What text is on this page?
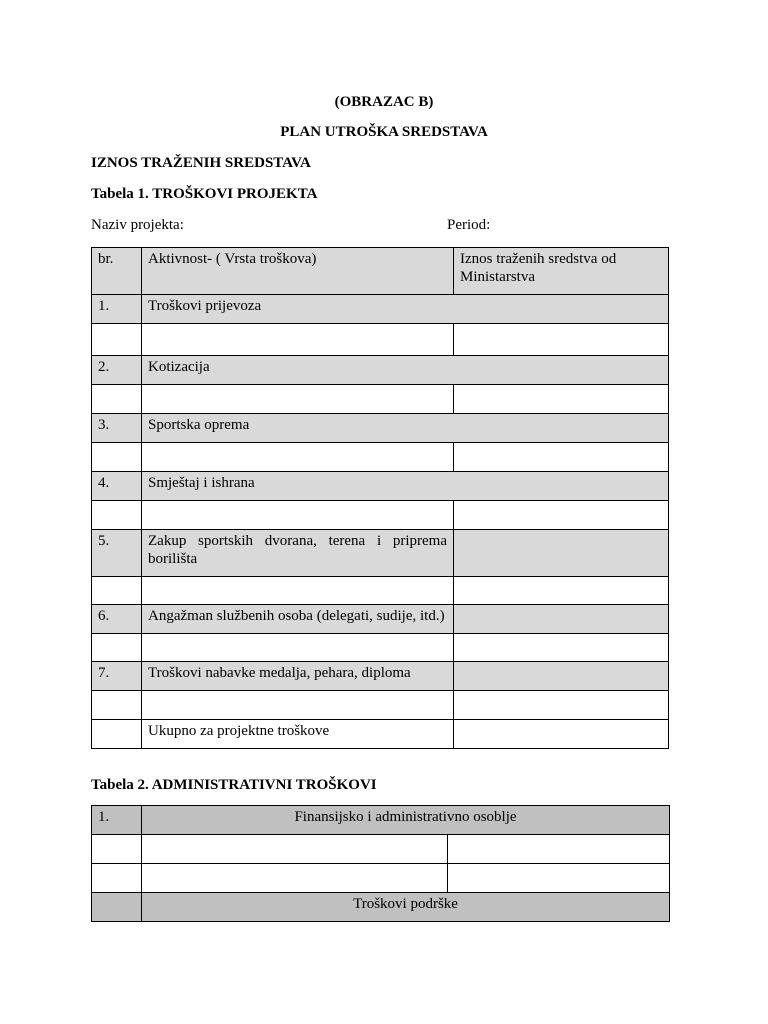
(OBRAZAC B)
PLAN UTROŠKA SREDSTAVA
IZNOS TRAŽENIH SREDSTAVA
Tabela 1. TROŠKOVI PROJEKTA
Naziv projekta:	Period:
br.	Aktivnost- ( Vrsta troškova)	Iznos traženih sredstva od Ministarstva
1.	Troškovi prijevoza	

2.	Kotizacija	

3.	Sportska oprema	

4.	Smještaj i ishrana	

5.	Zakup sportskih dvorana, terena i priprema
borilišta	

6.	Angažman službenih osoba (delegati, sudije, itd.)	

7.	Troškovi nabavke medalja, pehara, diploma	

	Ukupno za projektne troškove	
Tabela 2. ADMINISTRATIVNI TROŠKOVI
1.	Finansijsko i administrativno osoblje	

	Troškovi podrške	
